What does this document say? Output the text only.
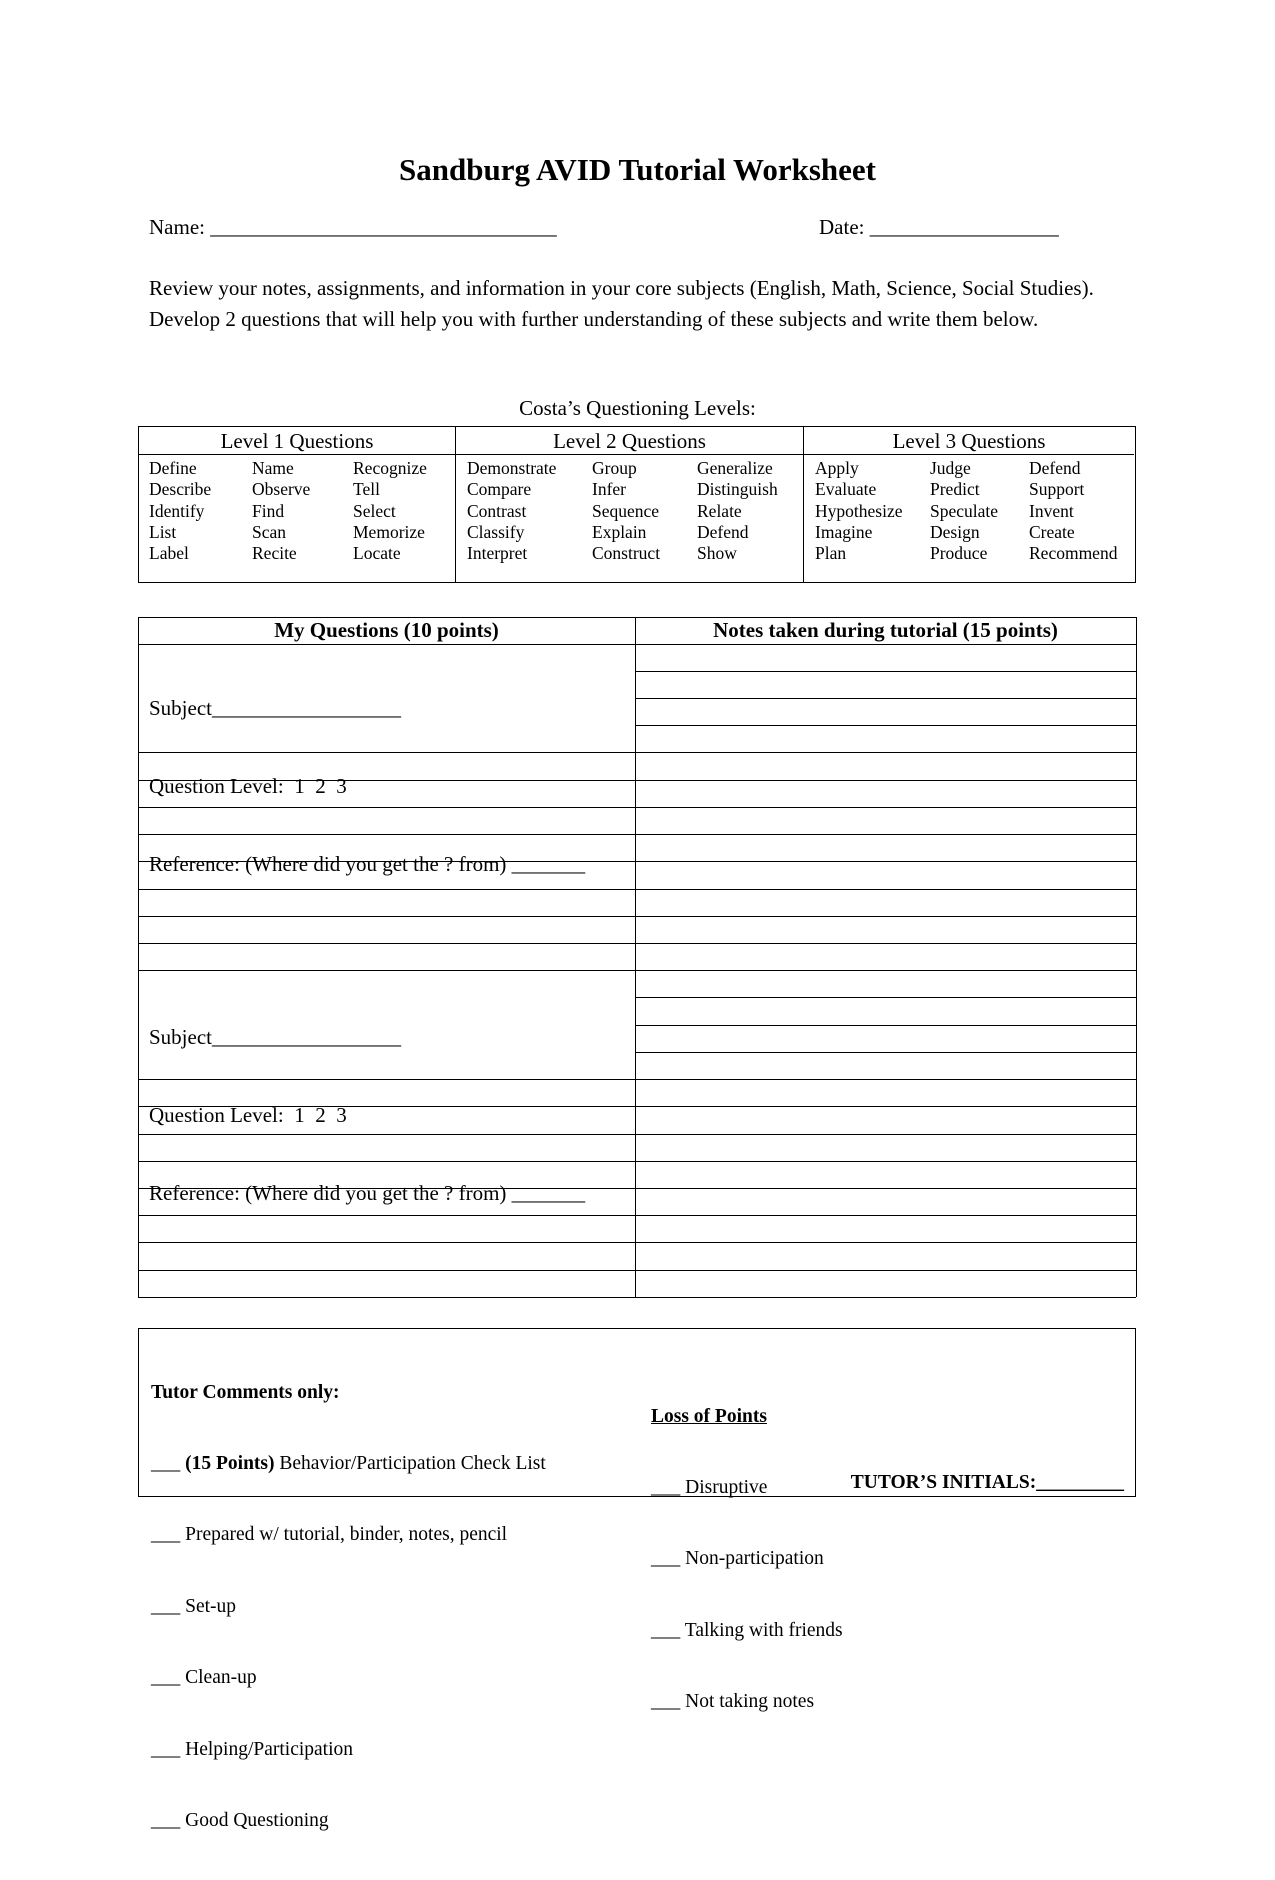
Sandburg AVID Tutorial Worksheet
Name: _________________________________	Date: __________________
Review your notes, assignments, and information in your core subjects (English, Math, Science, Social Studies). Develop 2 questions that will help you with further understanding of these subjects and write them below.
Costa’s Questioning Levels:
Level 1 Questions
Define
Describe
Identify
List
Label
Name
Observe
Find
Scan
Recite
Recognize
Tell
Select
Memorize
Locate
Level 2 Questions
Demonstrate
Compare
Contrast
Classify
Interpret
Group
Infer
Sequence
Explain
Construct
Generalize
Distinguish
Relate
Defend
Show
Level 3 Questions
Apply
Evaluate
Hypothesize
Imagine
Plan
Judge
Predict
Speculate
Design
Produce
Defend
Support
Invent
Create
Recommend
My Questions (10 points)	Notes taken during tutorial (15 points)

Subject__________________

Question Level:  1  2  3

Reference: (Where did you get the ? from) _______

Subject__________________

Question Level:  1  2  3

Reference: (Where did you get the ? from) _______

Tutor Comments only:

___ (15 Points) Behavior/Participation Check List

___ Prepared w/ tutorial, binder, notes, pencil

___ Set-up

___ Clean-up

___ Helping/Participation

___ Good Questioning

Loss of Points

___ Disruptive

___ Non-participation

___ Talking with friends

___ Not taking notes

TUTOR’S INITIALS:_________
